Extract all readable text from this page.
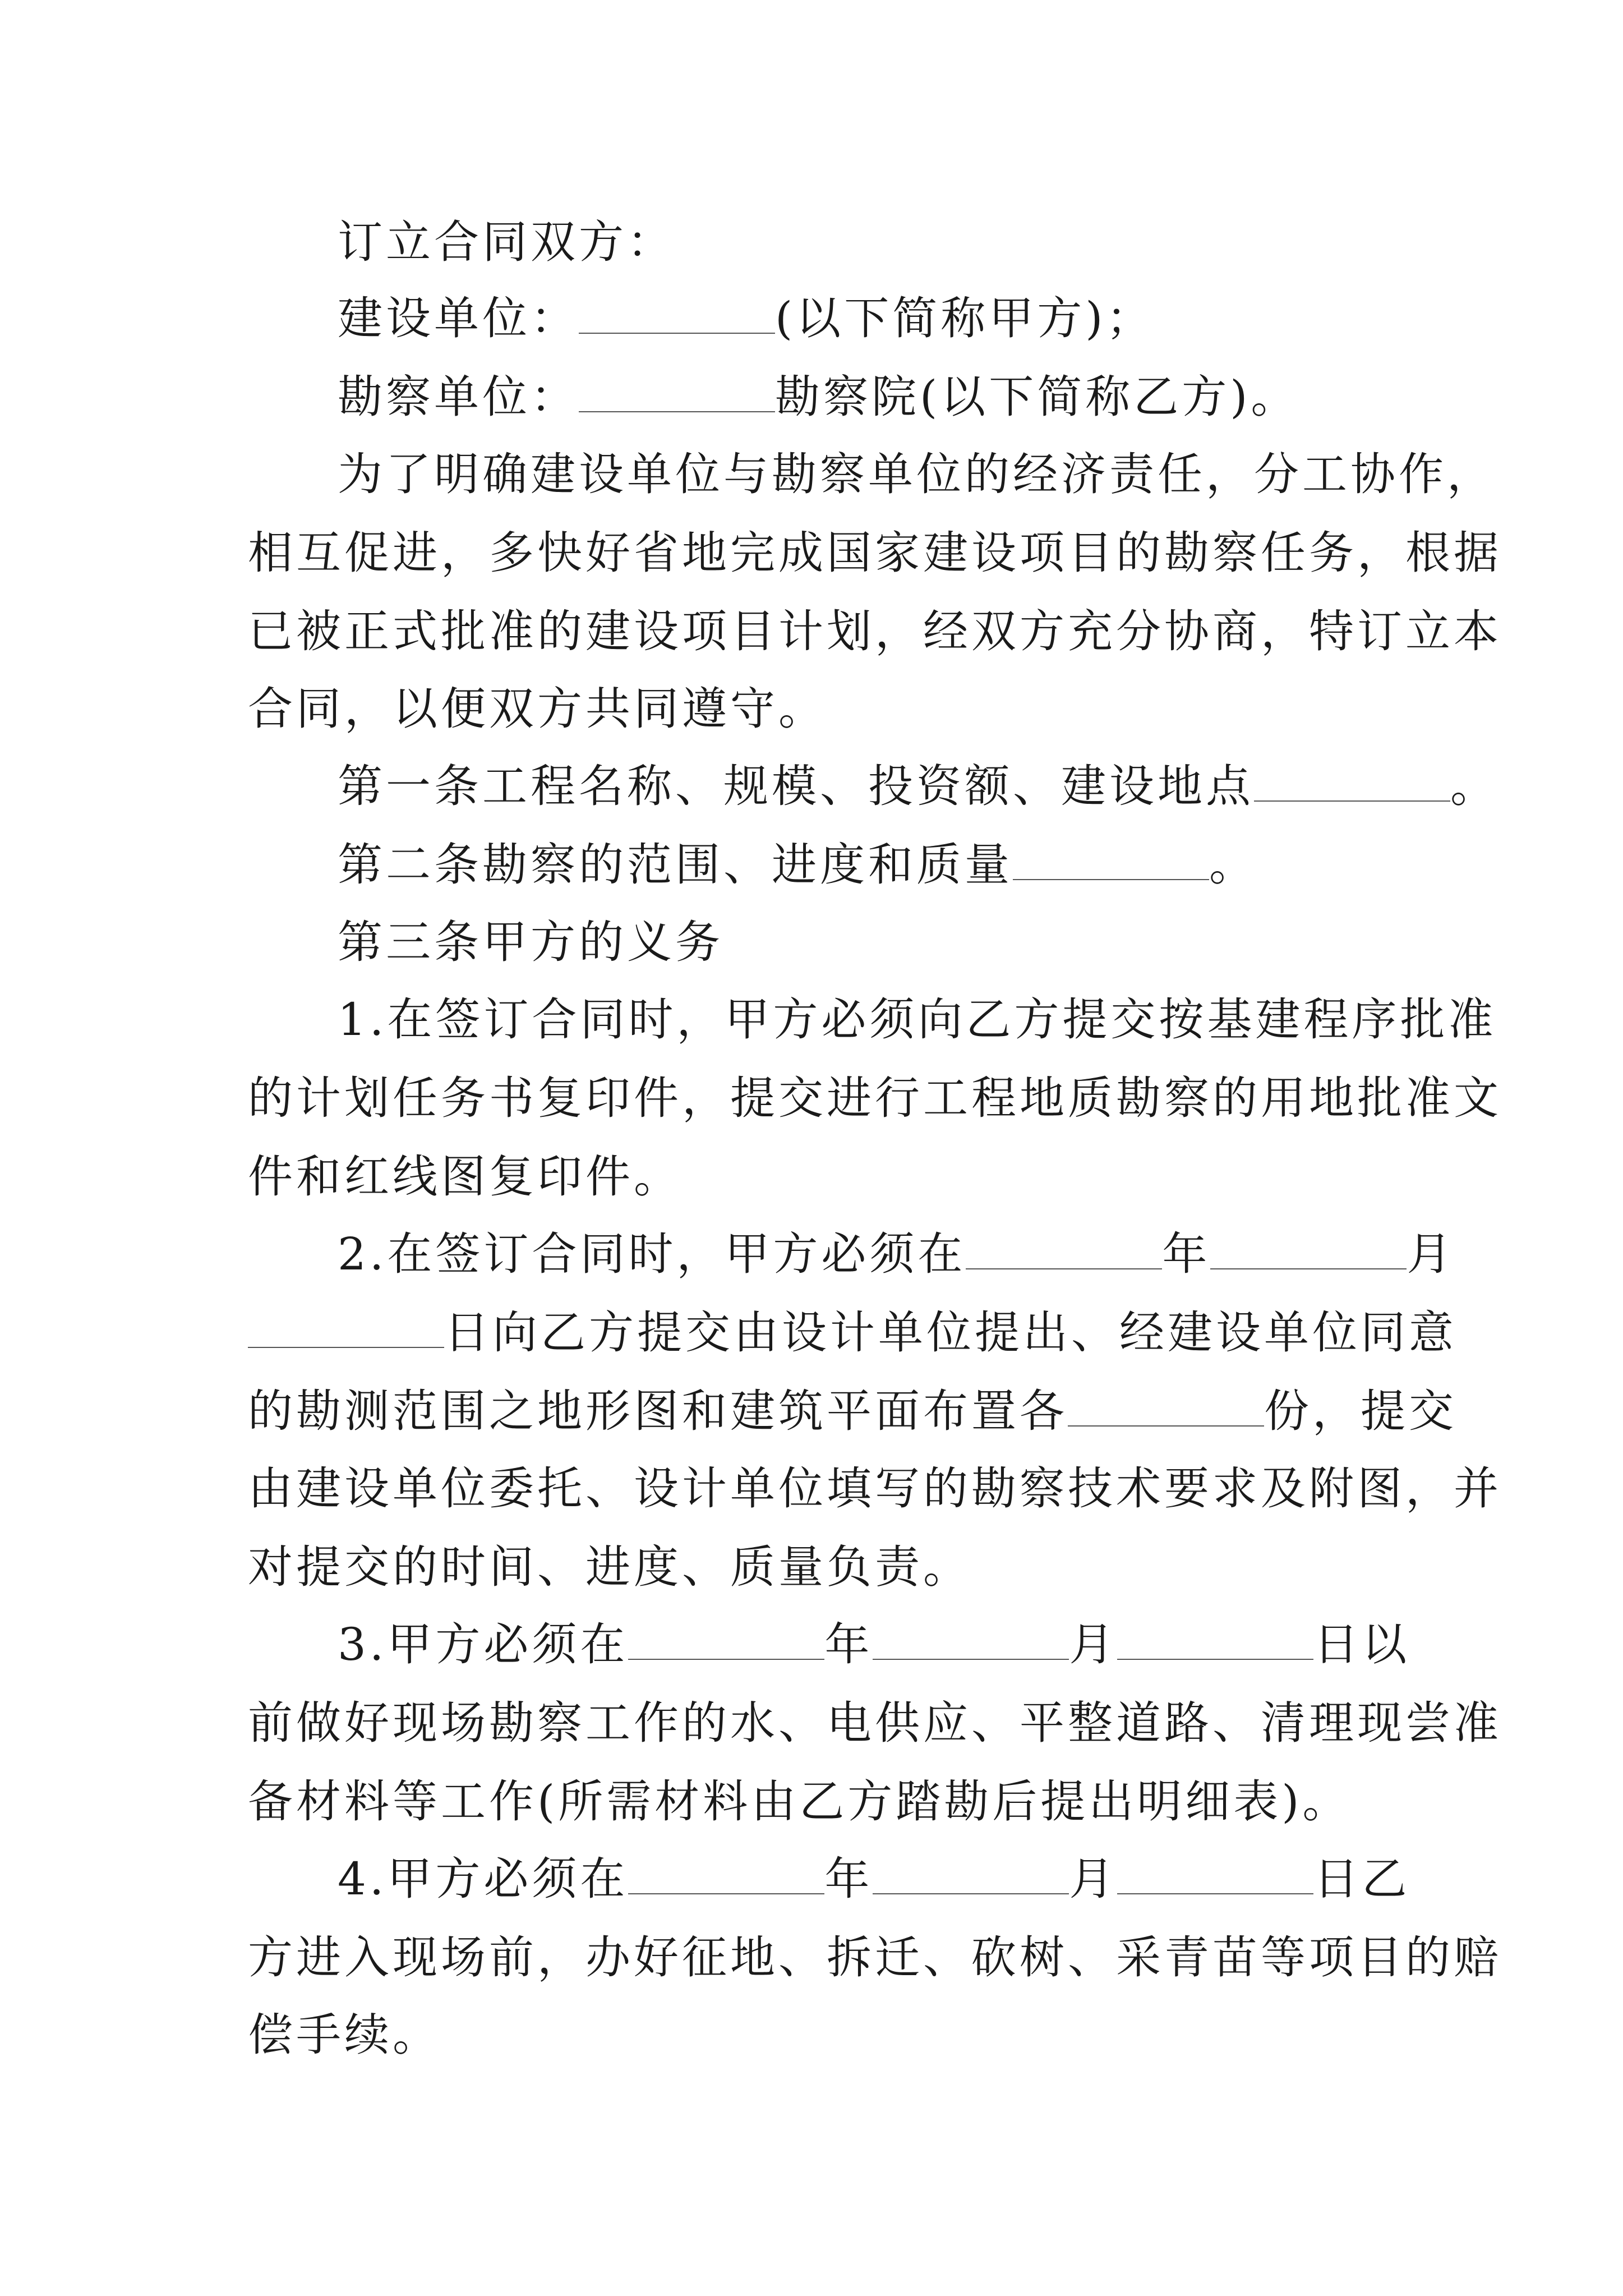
订立合同双方：
建设单位：	(以下简称甲方)；
勘察单位：	勘察院(以下简称乙方)。
为了明确建设单位与勘察单位的经济责任，分工协作，
相互促进，多快好省地完成国家建设项目的勘察任务，根据
已被正式批准的建设项目计划，经双方充分协商，特订立本
合同，以便双方共同遵守。
第一条工程名称、规模、投资额、建设地点	。
第二条勘察的范围、进度和质量	。
第三条甲方的义务
1.在签订合同时，甲方必须向乙方提交按基建程序批准
的计划任务书复印件，提交进行工程地质勘察的用地批准文
件和红线图复印件。
2.在签订合同时，甲方必须在	年	月
日向乙方提交由设计单位提出、经建设单位同意
的勘测范围之地形图和建筑平面布置各	份，提交
由建设单位委托、设计单位填写的勘察技术要求及附图，并
对提交的时间、进度、质量负责。
3.甲方必须在	年	月	日以
前做好现场勘察工作的水、电供应、平整道路、清理现尝准
备材料等工作(所需材料由乙方踏勘后提出明细表)。
4.甲方必须在	年	月	日乙
方进入现场前，办好征地、拆迁、砍树、采青苗等项目的赔
偿手续。
